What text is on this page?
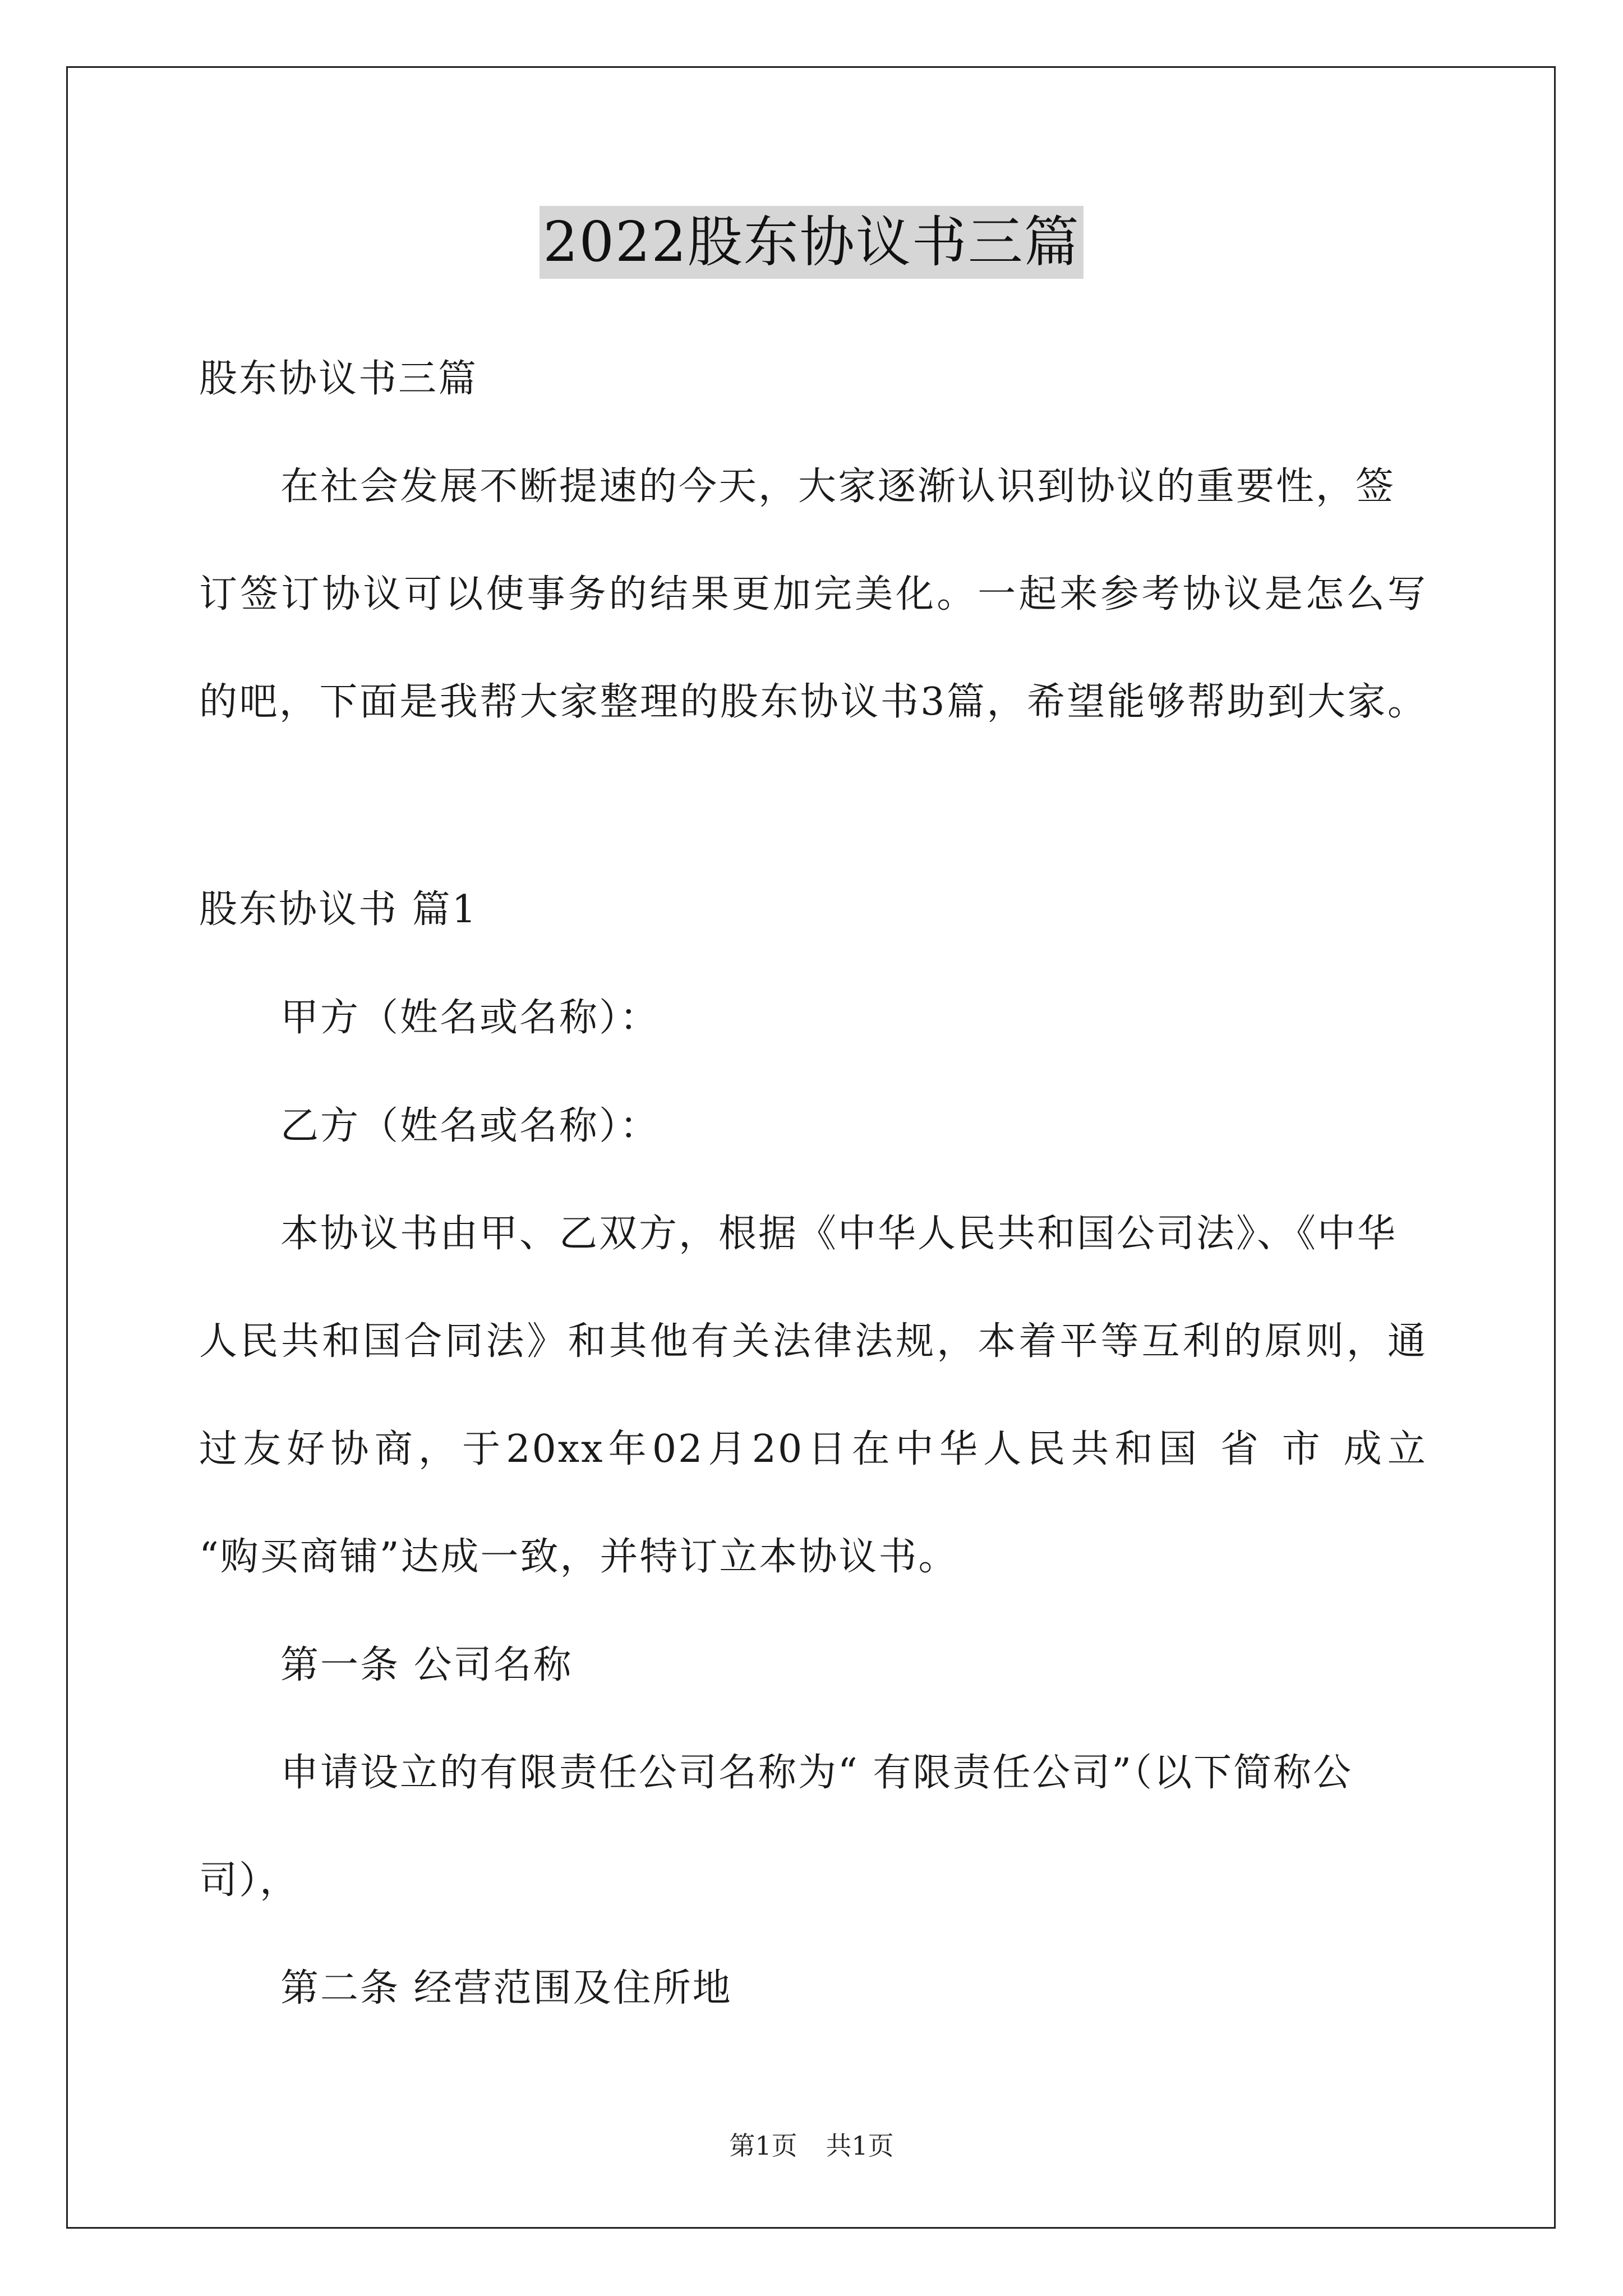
2022股东协议书三篇
股东协议书三篇
在社会发展不断提速的今天，大家逐渐认识到协议的重要性，签
订签订协议可以使事务的结果更加完美化。一起来参考协议是怎么写
的吧，下面是我帮大家整理的股东协议书3篇，希望能够帮助到大家。
股东协议书 篇1
甲方（姓名或名称）：
乙方（姓名或名称）：
本协议书由甲、乙双方，根据《中华人民共和国公司法》、《中华
人民共和国合同法》和其他有关法律法规，本着平等互利的原则，通
过友好协商，于20xx年02月20日在中华人民共和国 省 市 成立
“购买商铺”达成一致，并特订立本协议书。
第一条 公司名称
申请设立的有限责任公司名称为“ 有限责任公司”（以下简称公
司），
第二条 经营范围及住所地
第1页 共1页
